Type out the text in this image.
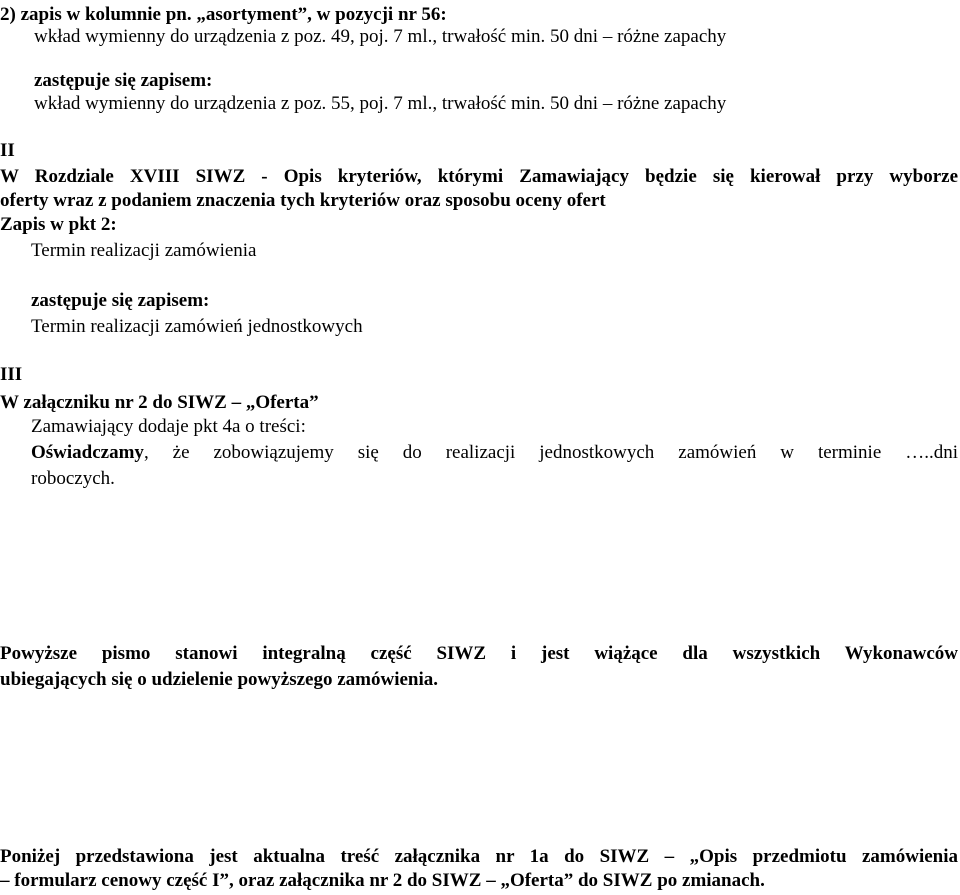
2) zapis w kolumnie pn. „asortyment”, w pozycji nr 56:
wkład wymienny do urządzenia z poz. 49, poj. 7 ml., trwałość min. 50 dni – różne zapachy
zastępuje się zapisem:
wkład wymienny do urządzenia z poz. 55, poj. 7 ml., trwałość min. 50 dni – różne zapachy
II
W Rozdziale XVIII SIWZ - Opis kryteriów, którymi Zamawiający będzie się kierował przy wyborze
oferty wraz z podaniem znaczenia tych kryteriów oraz sposobu oceny ofert
Zapis w pkt 2:
Termin realizacji zamówienia
zastępuje się zapisem:
Termin realizacji zamówień jednostkowych
III
W załączniku nr 2 do SIWZ – „Oferta”
Zamawiający dodaje pkt 4a o treści:
Oświadczamy, że zobowiązujemy się do realizacji jednostkowych zamówień w terminie …..dni
roboczych.
Powyższe pismo stanowi integralną część SIWZ i jest wiążące dla wszystkich Wykonawców
ubiegających się o udzielenie powyższego zamówienia.
Poniżej przedstawiona jest aktualna treść załącznika nr 1a do SIWZ – „Opis przedmiotu zamówienia
– formularz cenowy część I”, oraz załącznika nr 2 do SIWZ – „Oferta” do SIWZ po zmianach.
